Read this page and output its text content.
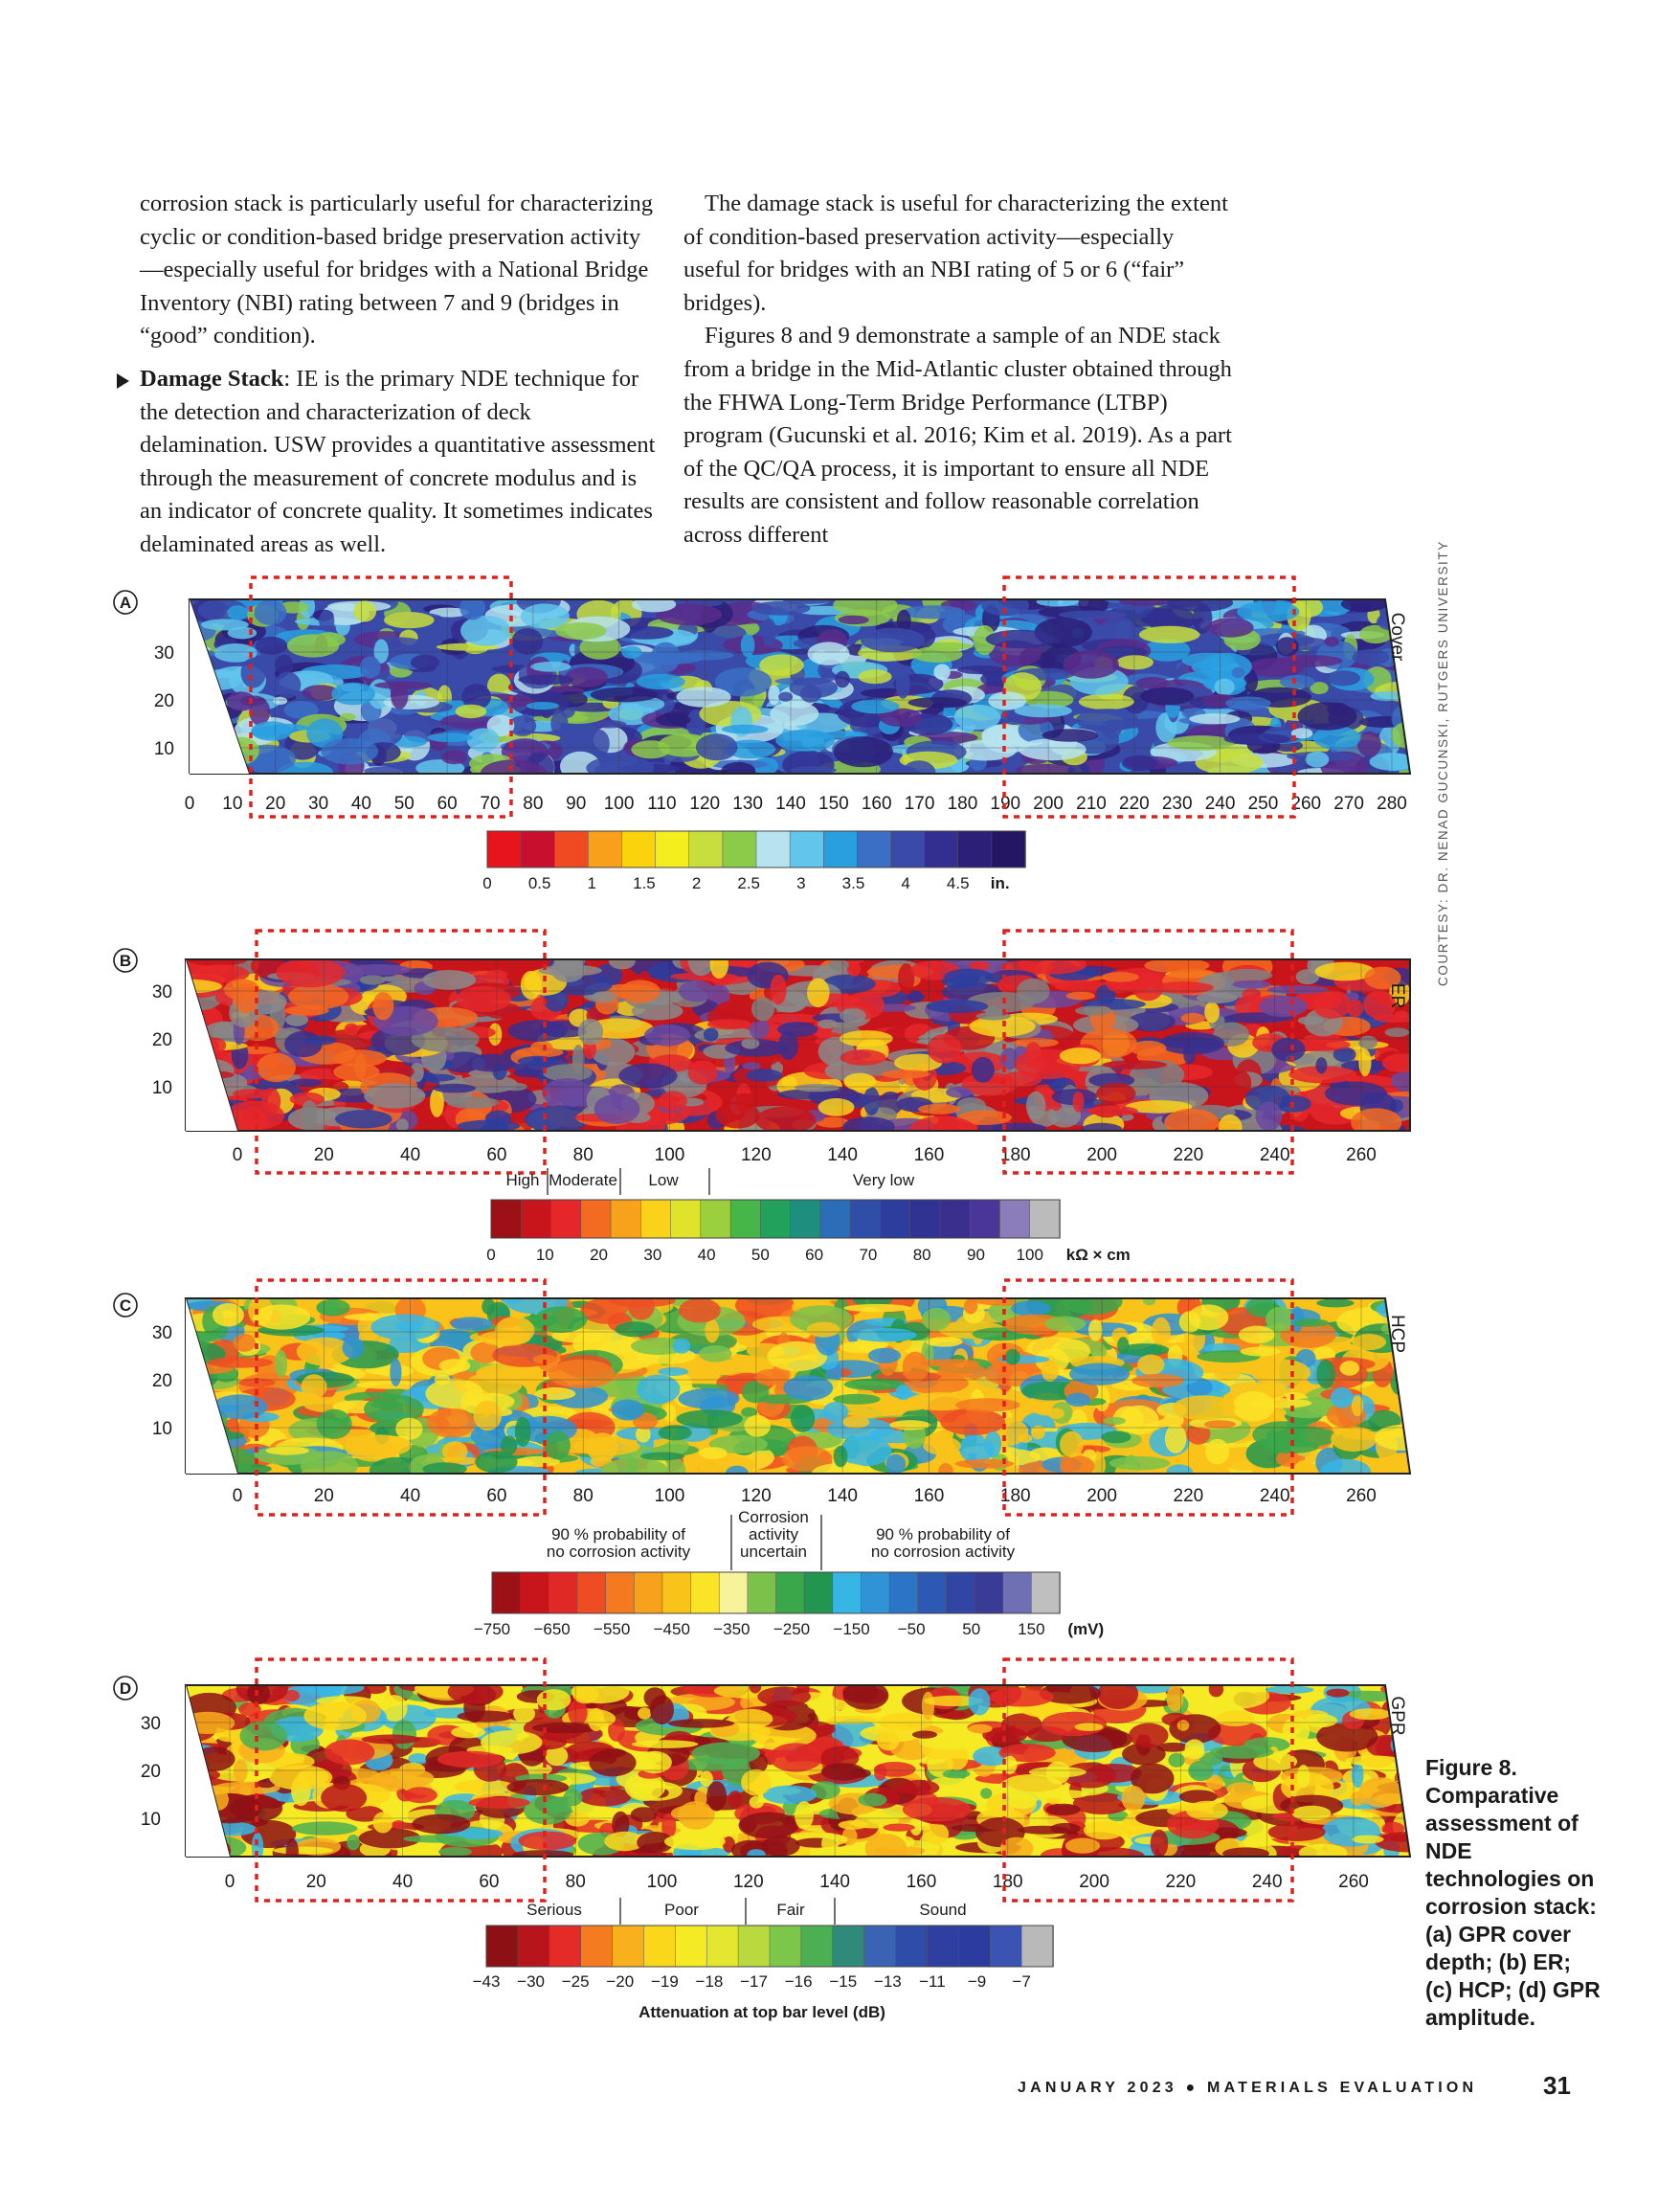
corrosion stack is particularly useful for characterizing cyclic or condition-based bridge preservation activity—especially useful for bridges with a National Bridge Inventory (NBI) rating between 7 and 9 (bridges in “good” condition).

Damage Stack: IE is the primary NDE technique for the detection and characterization of deck delamination. USW provides a quantitative assessment through the measurement of concrete modulus and is an indicator of concrete quality. It sometimes indicates delaminated areas as well.

The damage stack is useful for characterizing the extent of condition-based preservation activity—especially useful for bridges with an NBI rating of 5 or 6 (“fair” bridges).

Figures 8 and 9 demonstrate a sample of an NDE stack from a bridge in the Mid-Atlantic cluster obtained through the FHWA Long-Term Bridge Performance (LTBP) program (Gucunski et al. 2016; Kim et al. 2019). As a part of the QC/QA process, it is important to ensure all NDE results are consistent and follow reasonable correlation across different

A
Cover
30
20
10
0 10 20 30 40 50 60 70 80 90 100 110 120 130 140 150 160 170 180 190 200 210 220 230 240 250 260 270 280
0 0.5 1 1.5 2 2.5 3 3.5 4 4.5 in.
B
ER
30
20
10
0	20	40	60	80	100	120	140	160	180	200	220	240	260
0 10 20 30 40 50 60 70 80 90 100 kΩ × cm
High Moderate Low	Very low
C
HCP
30
20
10
0	20	40	60	80	100	120	140	160	180	200	220	240	260
−750 −650 −550 −450 −350 −250 −150 −50 50 150 (mV)
90 % probability of no corrosion activity
Corrosion activity uncertain
90 % probability of no corrosion activity
D
GPR
30
20
10
0	20	40	60	80	100	120	140	160	180	200	220	240	260
−43 −30 −25 −20 −19 −18 −17 −16 −15 −13 −11 −9 −7
Attenuation at top bar level (dB)
Serious	Poor	Fair	Sound
Figure 8. Comparative assessment of NDE technologies on corrosion stack: (a) GPR cover depth; (b) ER; (c) HCP; (d) GPR amplitude.
COURTESY: DR. NENAD GUCUNSKI, RUTGERS UNIVERSITY
JANUARY 2023 ● MATERIALS EVALUATION	31
